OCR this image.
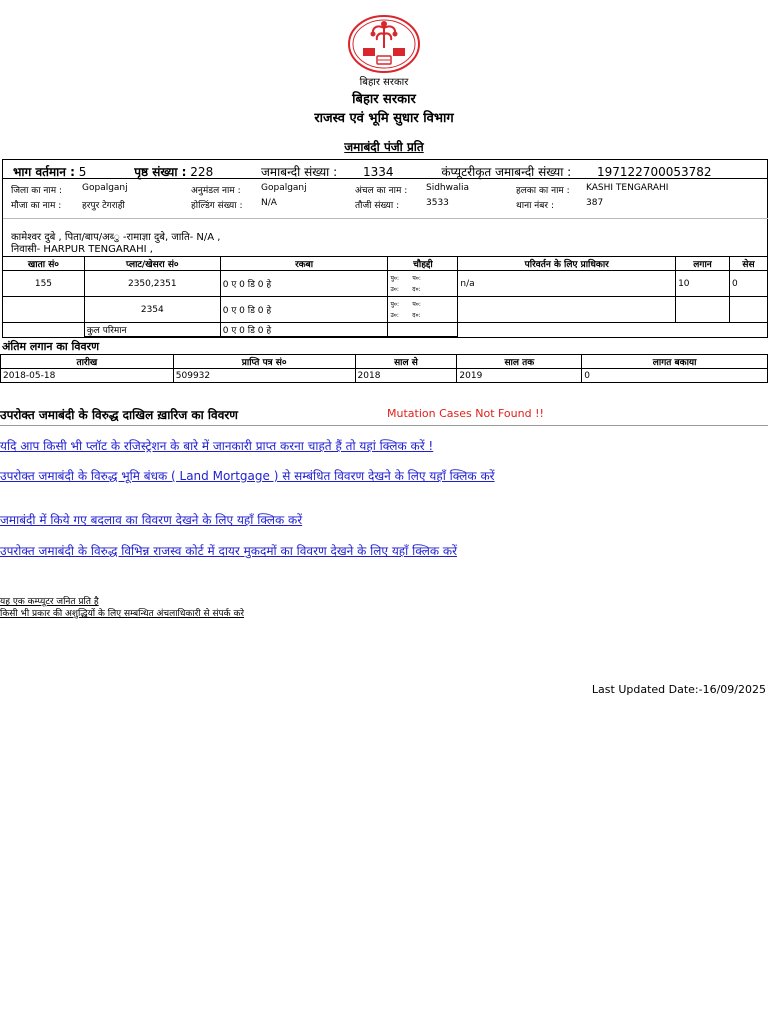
बिहार सरकार
बिहार सरकार
राजस्व एवं भूमि सुधार विभाग
जमाबंदी पंजी प्रति
भाग वर्तमान : 5	पृष्ठ संख्या : 228	जमाबन्दी संख्या : 1334	कंप्यूटरीकृत जमाबन्दी संख्या : 197122700053782
जिला का नाम : Gopalganj	अनुमंडल नाम : Gopalganj	अंचल का नाम : Sidhwalia	हलका का नाम : KASHI TENGARAHI
मौजा का नाम : हरपुर टेगराही	होल्डिंग संख्या : N/A	तौजी संख्या :	3533	थाना नंबर :	387
कामेश्वर दुबे , पिता/बाप/अब्‍ु -रामाज्ञा दुबे, जाति- N/A ,
निवासी- HARPUR TENGARAHI ,
खाता सं०	प्लाट/खेसरा सं०	रकबा	चौहद्दी	परिवर्तन के लिए प्राधिकार	लगान	सेस
155	2350,2351	0 ए 0 डि 0 हे	पु०: प०:
उ०: द०:	n/a	10	0
	2354	0 ए 0 डि 0 हे	पु०: प०:
उ०: द०:			
	कुल परिमान	0 ए 0 डि 0 हे				
अंतिम लगान का विवरण
तारीख	प्राप्ति पत्र सं०	साल से	साल तक	लागत बकाया
2018-05-18	509932	2018	2019	0
उपरोक्त जमाबंदी के विरुद्ध दाखिल ख़ारिज का विवरण	Mutation Cases Not Found !!
यदि आप किसी भी प्लॉट के रजिस्ट्रेशन के बारे में जानकारी प्राप्त करना चाहते हैं तो यहां क्लिक करें !
उपरोक्त जमाबंदी के विरुद्ध भूमि बंधक ( Land Mortgage ) से सम्बंधित विवरण देखने के लिए यहाँ क्लिक करें
जमाबंदी में किये गए बदलाव का विवरण देखने के लिए यहाँ क्लिक करें
उपरोक्त जमाबंदी के विरुद्ध विभिन्न राजस्व कोर्ट में दायर मुकदमों का विवरण देखने के लिए यहाँ क्लिक करें
यह एक कम्प्यूटर जनित प्रति है
किसी भी प्रकार की अशुद्धियों के लिए सम्बन्धित अंचलाधिकारी से संपर्क करे
Last Updated Date:-16/09/2025
